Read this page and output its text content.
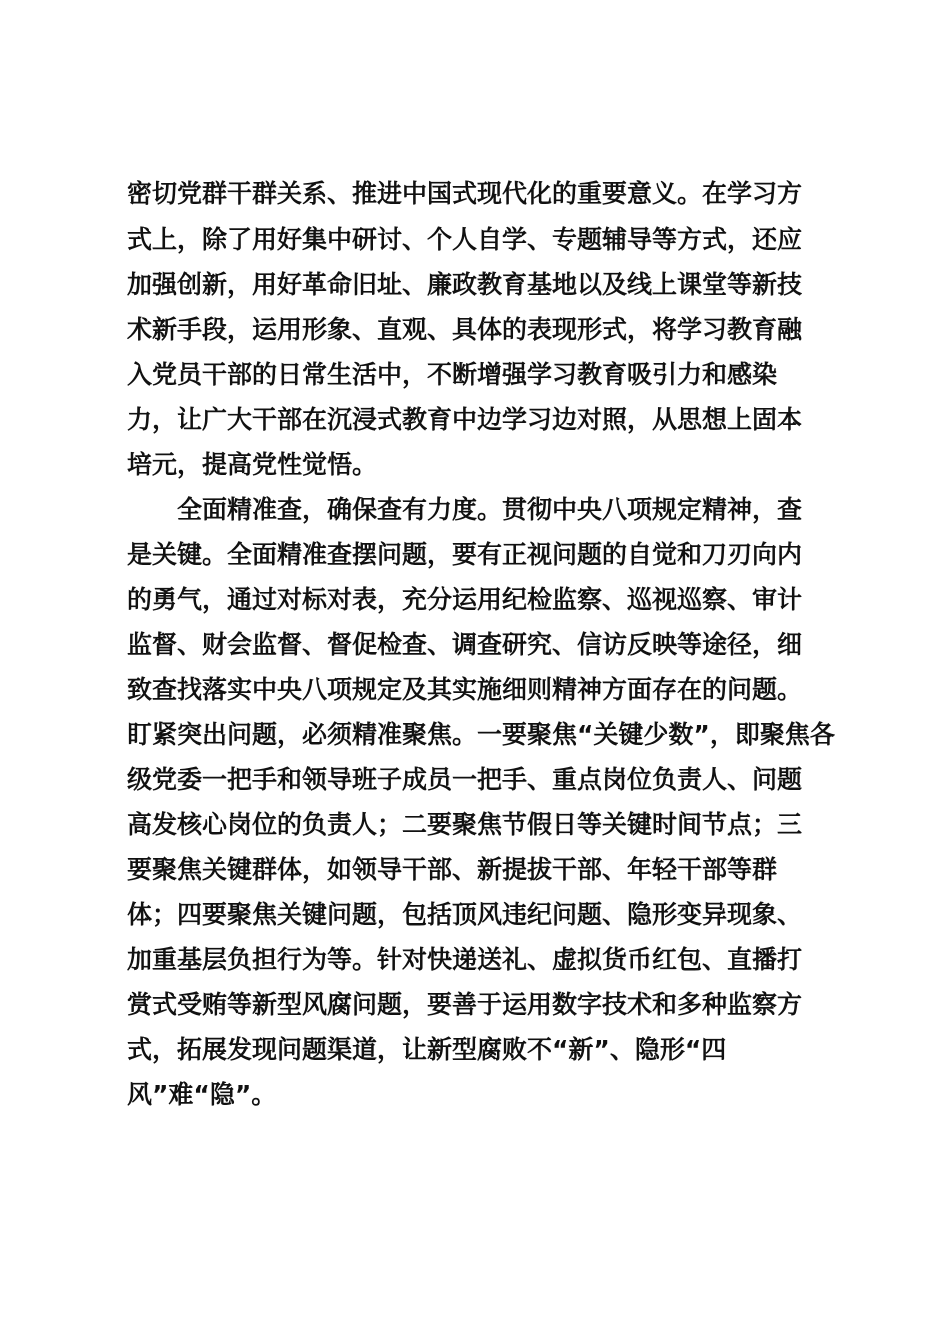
密切党群干群关系、推进中国式现代化的重要意义。在学习方
式上，除了用好集中研讨、个人自学、专题辅导等方式，还应
加强创新，用好革命旧址、廉政教育基地以及线上课堂等新技
术新手段，运用形象、直观、具体的表现形式，将学习教育融
入党员干部的日常生活中，不断增强学习教育吸引力和感染
力，让广大干部在沉浸式教育中边学习边对照，从思想上固本
培元，提高党性觉悟。
全面精准查，确保查有力度。贯彻中央八项规定精神，查
是关键。全面精准查摆问题，要有正视问题的自觉和刀刃向内
的勇气，通过对标对表，充分运用纪检监察、巡视巡察、审计
监督、财会监督、督促检查、调查研究、信访反映等途径，细
致查找落实中央八项规定及其实施细则精神方面存在的问题。
盯紧突出问题，必须精准聚焦。一要聚焦“关键少数”，即聚焦各
级党委一把手和领导班子成员一把手、重点岗位负责人、问题
高发核心岗位的负责人；二要聚焦节假日等关键时间节点；三
要聚焦关键群体，如领导干部、新提拔干部、年轻干部等群
体；四要聚焦关键问题，包括顶风违纪问题、隐形变异现象、
加重基层负担行为等。针对快递送礼、虚拟货币红包、直播打
赏式受贿等新型风腐问题，要善于运用数字技术和多种监察方
式，拓展发现问题渠道，让新型腐败不“新”、隐形“四
风”难“隐”。
